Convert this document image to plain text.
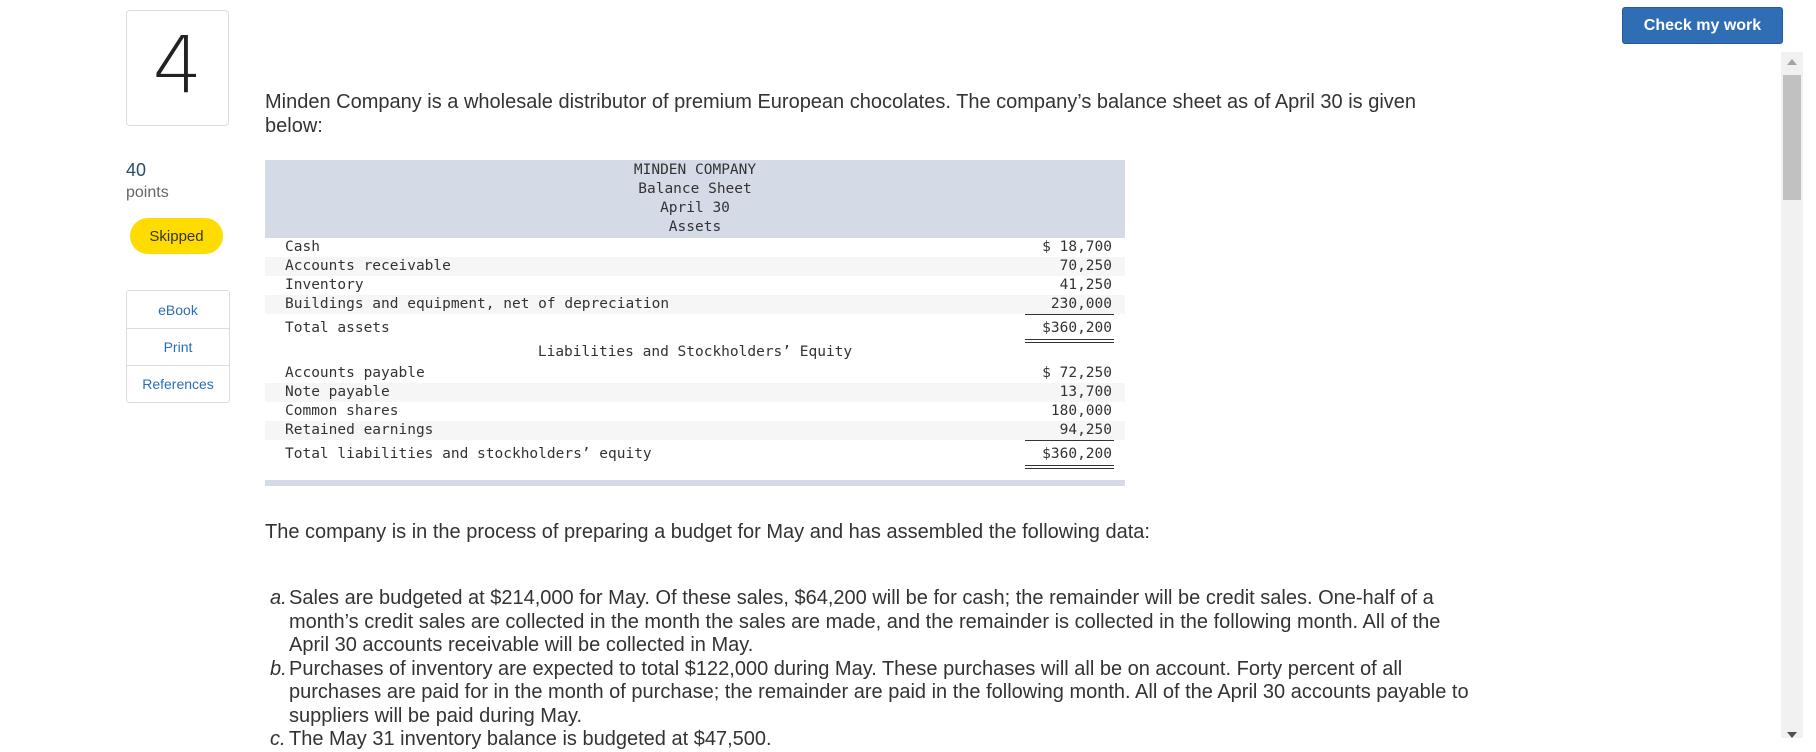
4
40
points
Skipped
eBook
Print
References
Check my work
Minden Company is a wholesale distributor of premium European chocolates. The company’s balance sheet as of April 30 is given below:
MINDEN COMPANY
Balance Sheet
April 30
Assets
Cash	$ 18,700
Accounts receivable	70,250
Inventory	41,250
Buildings and equipment, net of depreciation	230,000
Total assets	$360,200
Liabilities and Stockholders’ Equity
Accounts payable	$ 72,250
Note payable	13,700
Common shares	180,000
Retained earnings	94,250
Total liabilities and stockholders’ equity	$360,200
The company is in the process of preparing a budget for May and has assembled the following data:
a. Sales are budgeted at $214,000 for May. Of these sales, $64,200 will be for cash; the remainder will be credit sales. One-half of a month’s credit sales are collected in the month the sales are made, and the remainder is collected in the following month. All of the April 30 accounts receivable will be collected in May.
b. Purchases of inventory are expected to total $122,000 during May. These purchases will all be on account. Forty percent of all purchases are paid for in the month of purchase; the remainder are paid in the following month. All of the April 30 accounts payable to suppliers will be paid during May.
c. The May 31 inventory balance is budgeted at $47,500.
